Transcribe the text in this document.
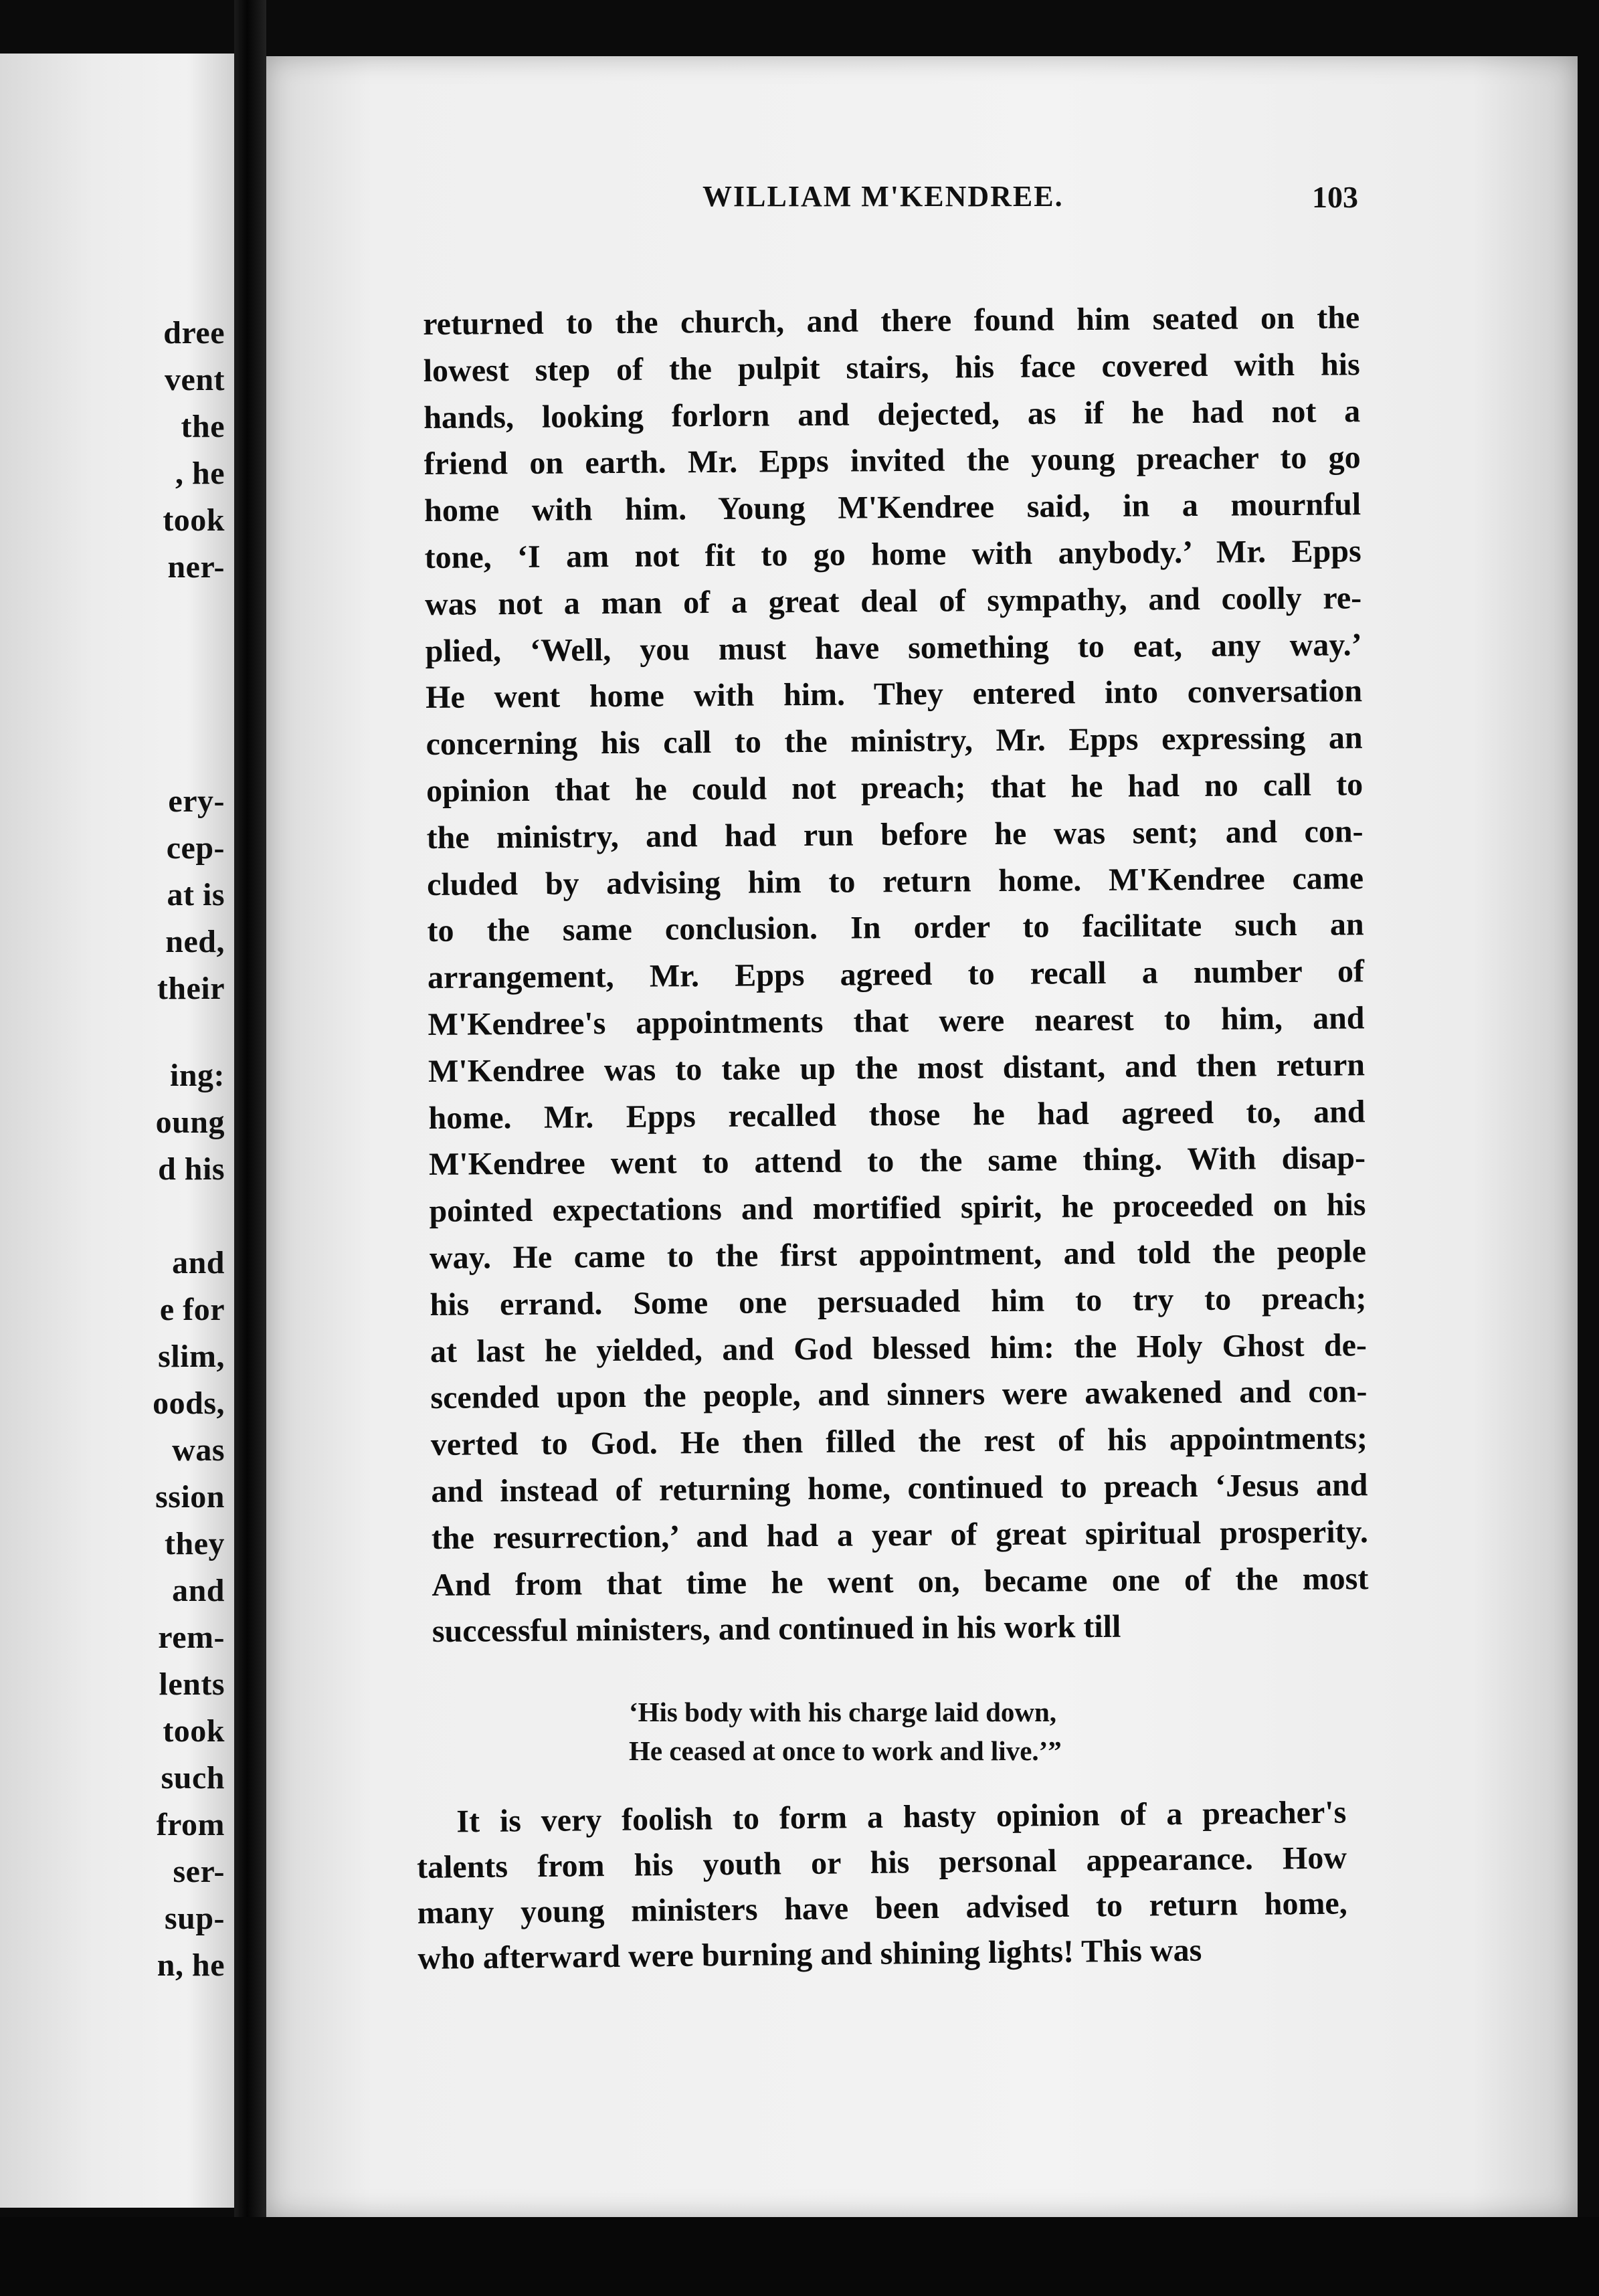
dree
vent
the
, he
took
ner-
ery-
cep-
at is
ned,
their
ing:
oung
d his
and
e for
slim,
oods,
was
ssion
they
and
rem-
lents
took
such
from
ser-
sup-
n, he
WILLIAM M'KENDREE.	103
returned to the church, and there found him seated on the
lowest step of the pulpit stairs, his face covered with his
hands, looking forlorn and dejected, as if he had not a
friend on earth. Mr. Epps invited the young preacher to go
home with him. Young M'Kendree said, in a mournful
tone, ‘I am not fit to go home with anybody.’ Mr. Epps
was not a man of a great deal of sympathy, and coolly re-
plied, ‘Well, you must have something to eat, any way.’
He went home with him. They entered into conversation
concerning his call to the ministry, Mr. Epps expressing an
opinion that he could not preach; that he had no call to
the ministry, and had run before he was sent; and con-
cluded by advising him to return home. M'Kendree came
to the same conclusion. In order to facilitate such an
arrangement, Mr. Epps agreed to recall a number of
M'Kendree's appointments that were nearest to him, and
M'Kendree was to take up the most distant, and then return
home. Mr. Epps recalled those he had agreed to, and
M'Kendree went to attend to the same thing. With disap-
pointed expectations and mortified spirit, he proceeded on his
way. He came to the first appointment, and told the people
his errand. Some one persuaded him to try to preach;
at last he yielded, and God blessed him: the Holy Ghost de-
scended upon the people, and sinners were awakened and con-
verted to God. He then filled the rest of his appointments;
and instead of returning home, continued to preach ‘Jesus and
the resurrection,’ and had a year of great spiritual prosperity.
And from that time he went on, became one of the most
successful ministers, and continued in his work till
‘His body with his charge laid down,
He ceased at once to work and live.’”
It is very foolish to form a hasty opinion of a preacher's
talents from his youth or his personal appearance. How
many young ministers have been advised to return home,
who afterward were burning and shining lights! This was
